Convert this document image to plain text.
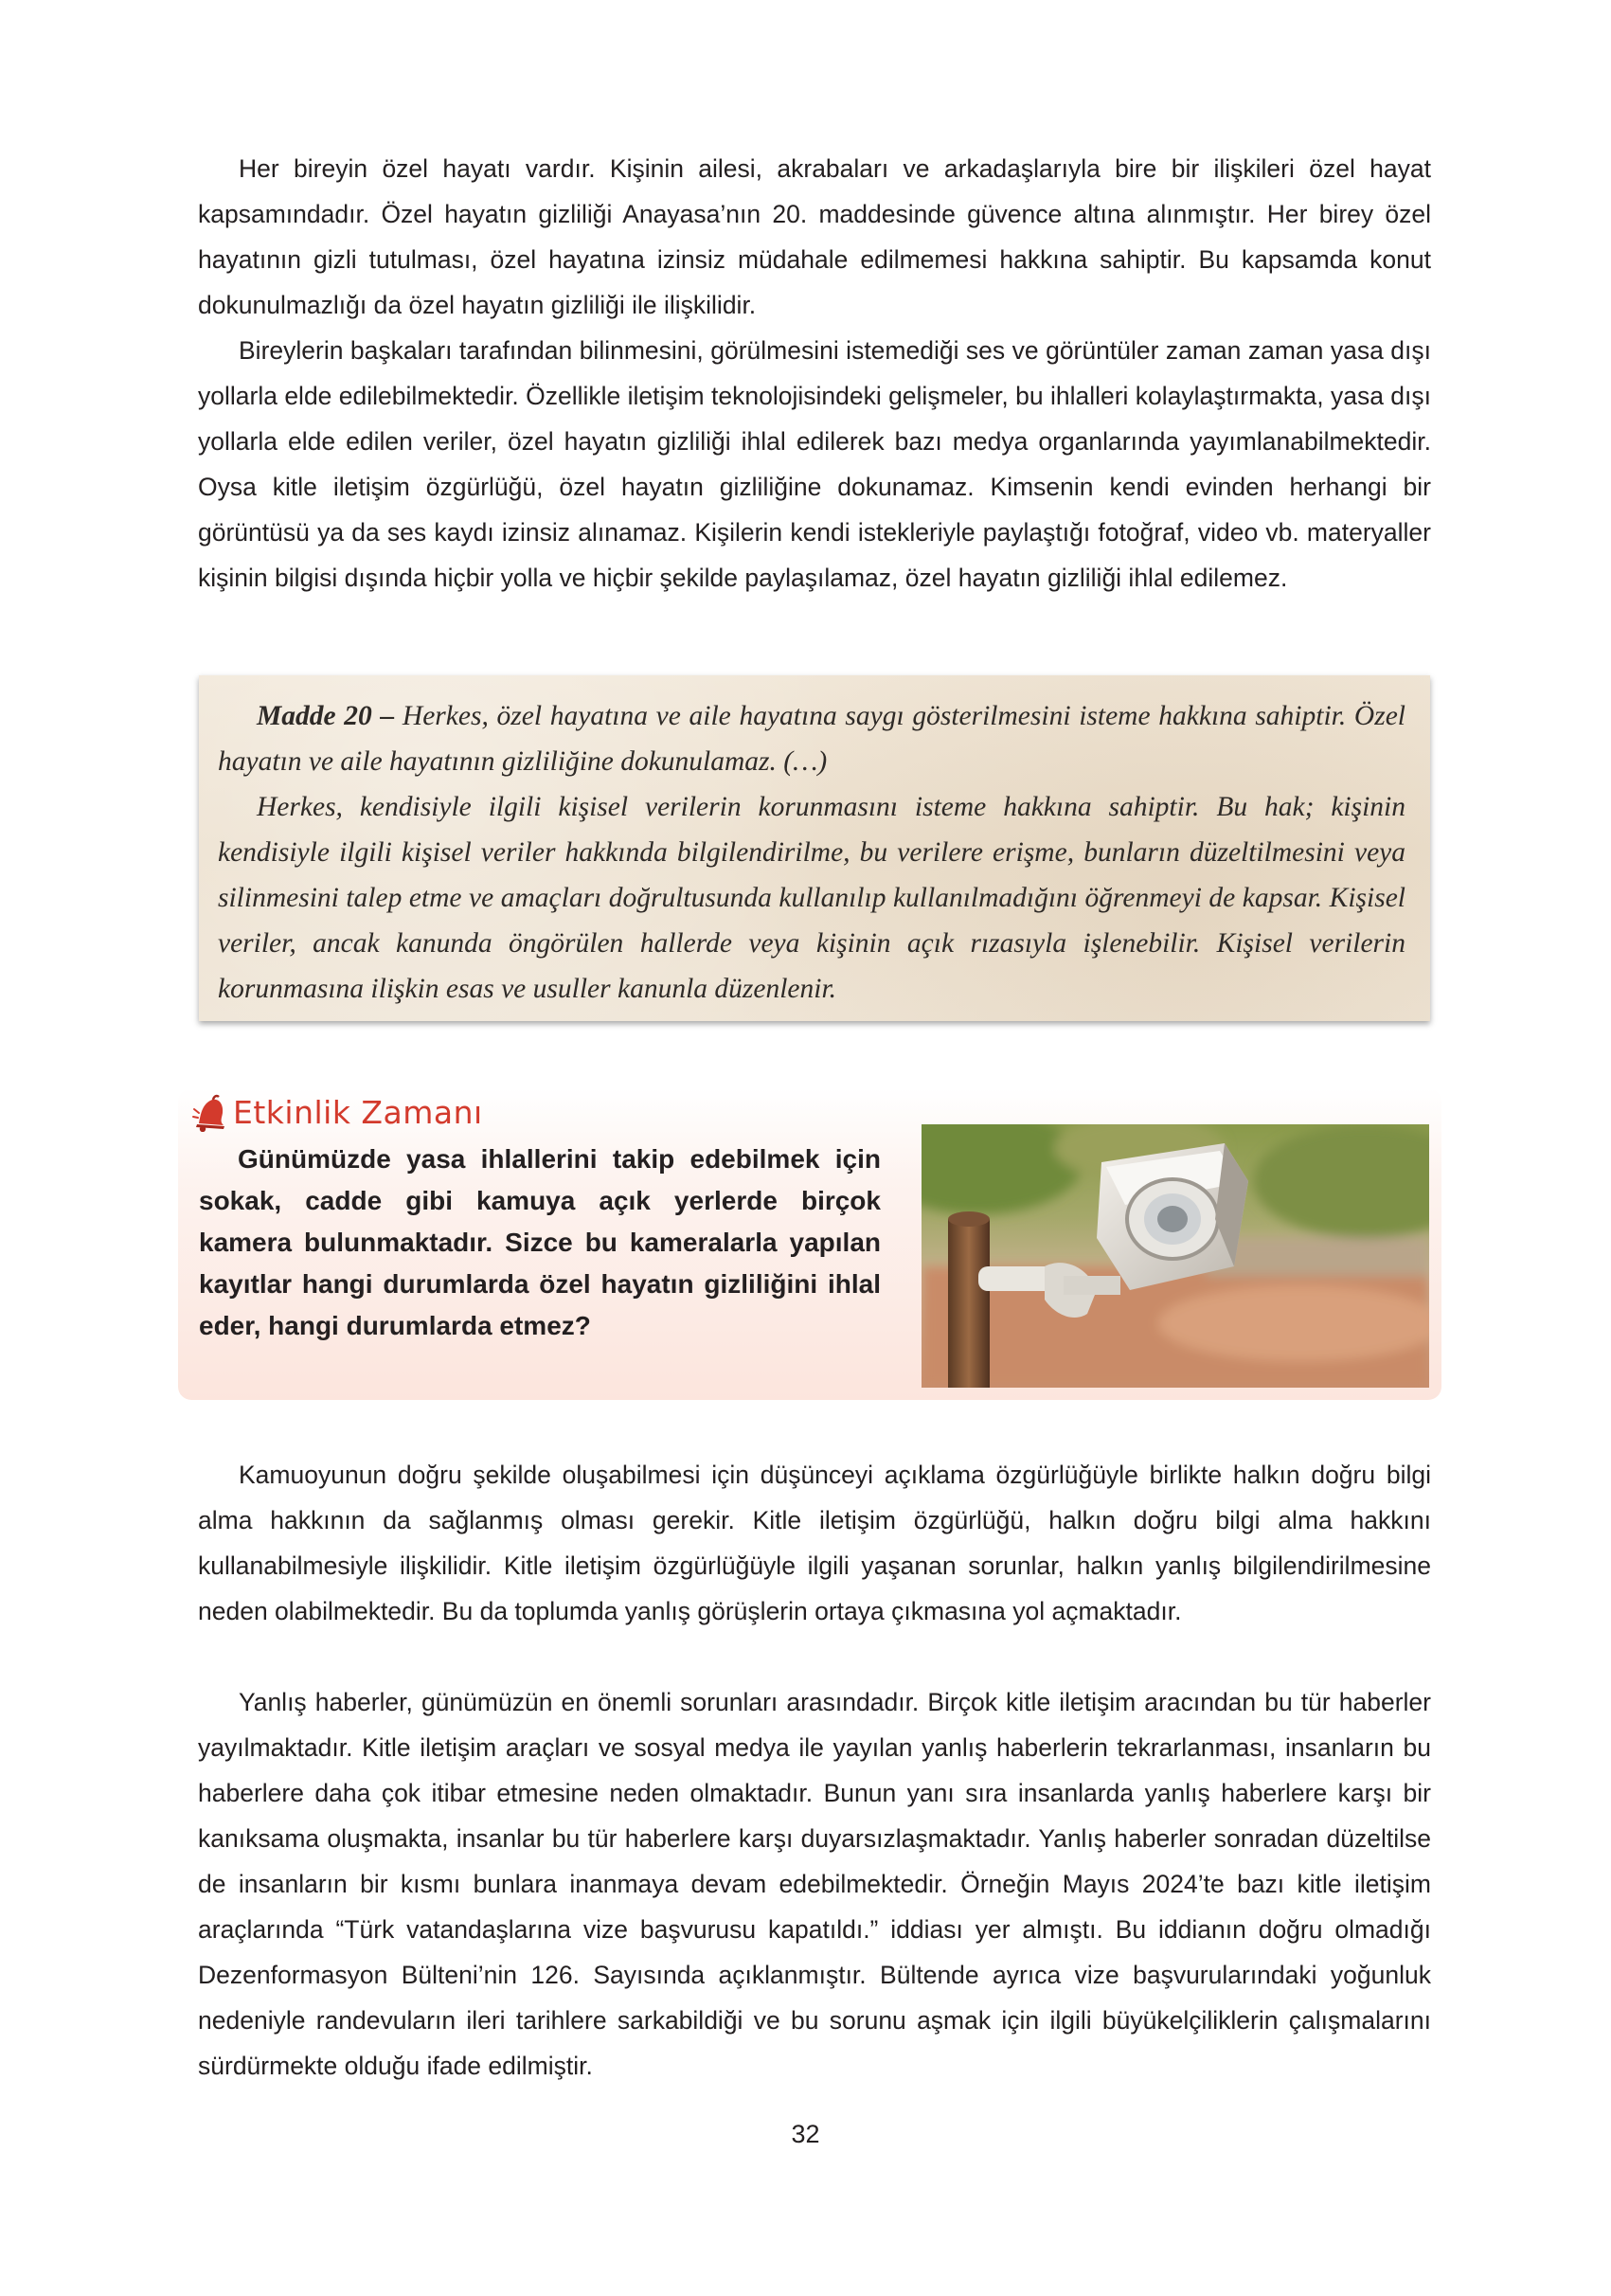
Her bireyin özel hayatı vardır. Kişinin ailesi, akrabaları ve arkadaşlarıyla bire bir ilişkileri özel hayat kapsamındadır. Özel hayatın gizliliği Anayasa’nın 20. maddesinde güvence altına alınmıştır. Her birey özel hayatının gizli tutulması, özel hayatına izinsiz müdahale edilmemesi hakkına sahiptir. Bu kapsamda konut dokunulmazlığı da özel hayatın gizliliği ile ilişkilidir.

Bireylerin başkaları tarafından bilinmesini, görülmesini istemediği ses ve görüntüler zaman zaman yasa dışı yollarla elde edilebilmektedir. Özellikle iletişim teknolojisindeki gelişmeler, bu ihlalleri kolaylaştırmakta, yasa dışı yollarla elde edilen veriler, özel hayatın gizliliği ihlal edilerek bazı medya organlarında yayımlanabilmektedir. Oysa kitle iletişim özgürlüğü, özel hayatın gizliliğine dokunamaz. Kimsenin kendi evinden herhangi bir görüntüsü ya da ses kaydı izinsiz alınamaz. Kişilerin kendi istekleriyle paylaştığı fotoğraf, video vb. materyaller kişinin bilgisi dışında hiçbir yolla ve hiçbir şekilde paylaşılamaz, özel hayatın gizliliği ihlal edilemez.

Madde 20 – Herkes, özel hayatına ve aile hayatına saygı gösterilmesini isteme hakkına sahiptir. Özel hayatın ve aile hayatının gizliliğine dokunulamaz. (…)

Herkes, kendisiyle ilgili kişisel verilerin korunmasını isteme hakkına sahiptir. Bu hak; kişinin kendisiyle ilgili kişisel veriler hakkında bilgilendirilme, bu verilere erişme, bunların düzeltilmesini veya silinmesini talep etme ve amaçları doğrultusunda kullanılıp kullanılmadığını öğrenmeyi de kapsar. Kişisel veriler, ancak kanunda öngörülen hallerde veya kişinin açık rızasıyla işlenebilir. Kişisel verilerin korunmasına ilişkin esas ve usuller kanunla düzenlenir.

Etkinlik Zamanı

Günümüzde yasa ihlallerini takip edebilmek için sokak, cadde gibi kamuya açık yerlerde birçok kamera bulunmaktadır. Sizce bu kameralarla yapılan kayıtlar hangi durumlarda özel hayatın gizliliğini ihlal eder, hangi durumlarda etmez?

Kamuoyunun doğru şekilde oluşabilmesi için düşünceyi açıklama özgürlüğüyle birlikte halkın doğru bilgi alma hakkının da sağlanmış olması gerekir. Kitle iletişim özgürlüğü, halkın doğru bilgi alma hakkını kullanabilmesiyle ilişkilidir. Kitle iletişim özgürlüğüyle ilgili yaşanan sorunlar, halkın yanlış bilgilendirilmesine neden olabilmektedir. Bu da toplumda yanlış görüşlerin ortaya çıkmasına yol açmaktadır.

Yanlış haberler, günümüzün en önemli sorunları arasındadır. Birçok kitle iletişim aracından bu tür haberler yayılmaktadır. Kitle iletişim araçları ve sosyal medya ile yayılan yanlış haberlerin tekrarlanması, insanların bu haberlere daha çok itibar etmesine neden olmaktadır. Bunun yanı sıra insanlarda yanlış haberlere karşı bir kanıksama oluşmakta, insanlar bu tür haberlere karşı duyarsızlaşmaktadır. Yanlış haberler sonradan düzeltilse de insanların bir kısmı bunlara inanmaya devam edebilmektedir. Örneğin Mayıs 2024’te bazı kitle iletişim araçlarında “Türk vatandaşlarına vize başvurusu kapatıldı.” iddiası yer almıştı. Bu iddianın doğru olmadığı Dezenformasyon Bülteni’nin 126. Sayısında açıklanmıştır. Bültende ayrıca vize başvurularındaki yoğunluk nedeniyle randevuların ileri tarihlere sarkabildiği ve bu sorunu aşmak için ilgili büyükelçiliklerin çalışmalarını sürdürmekte olduğu ifade edilmiştir.

32
